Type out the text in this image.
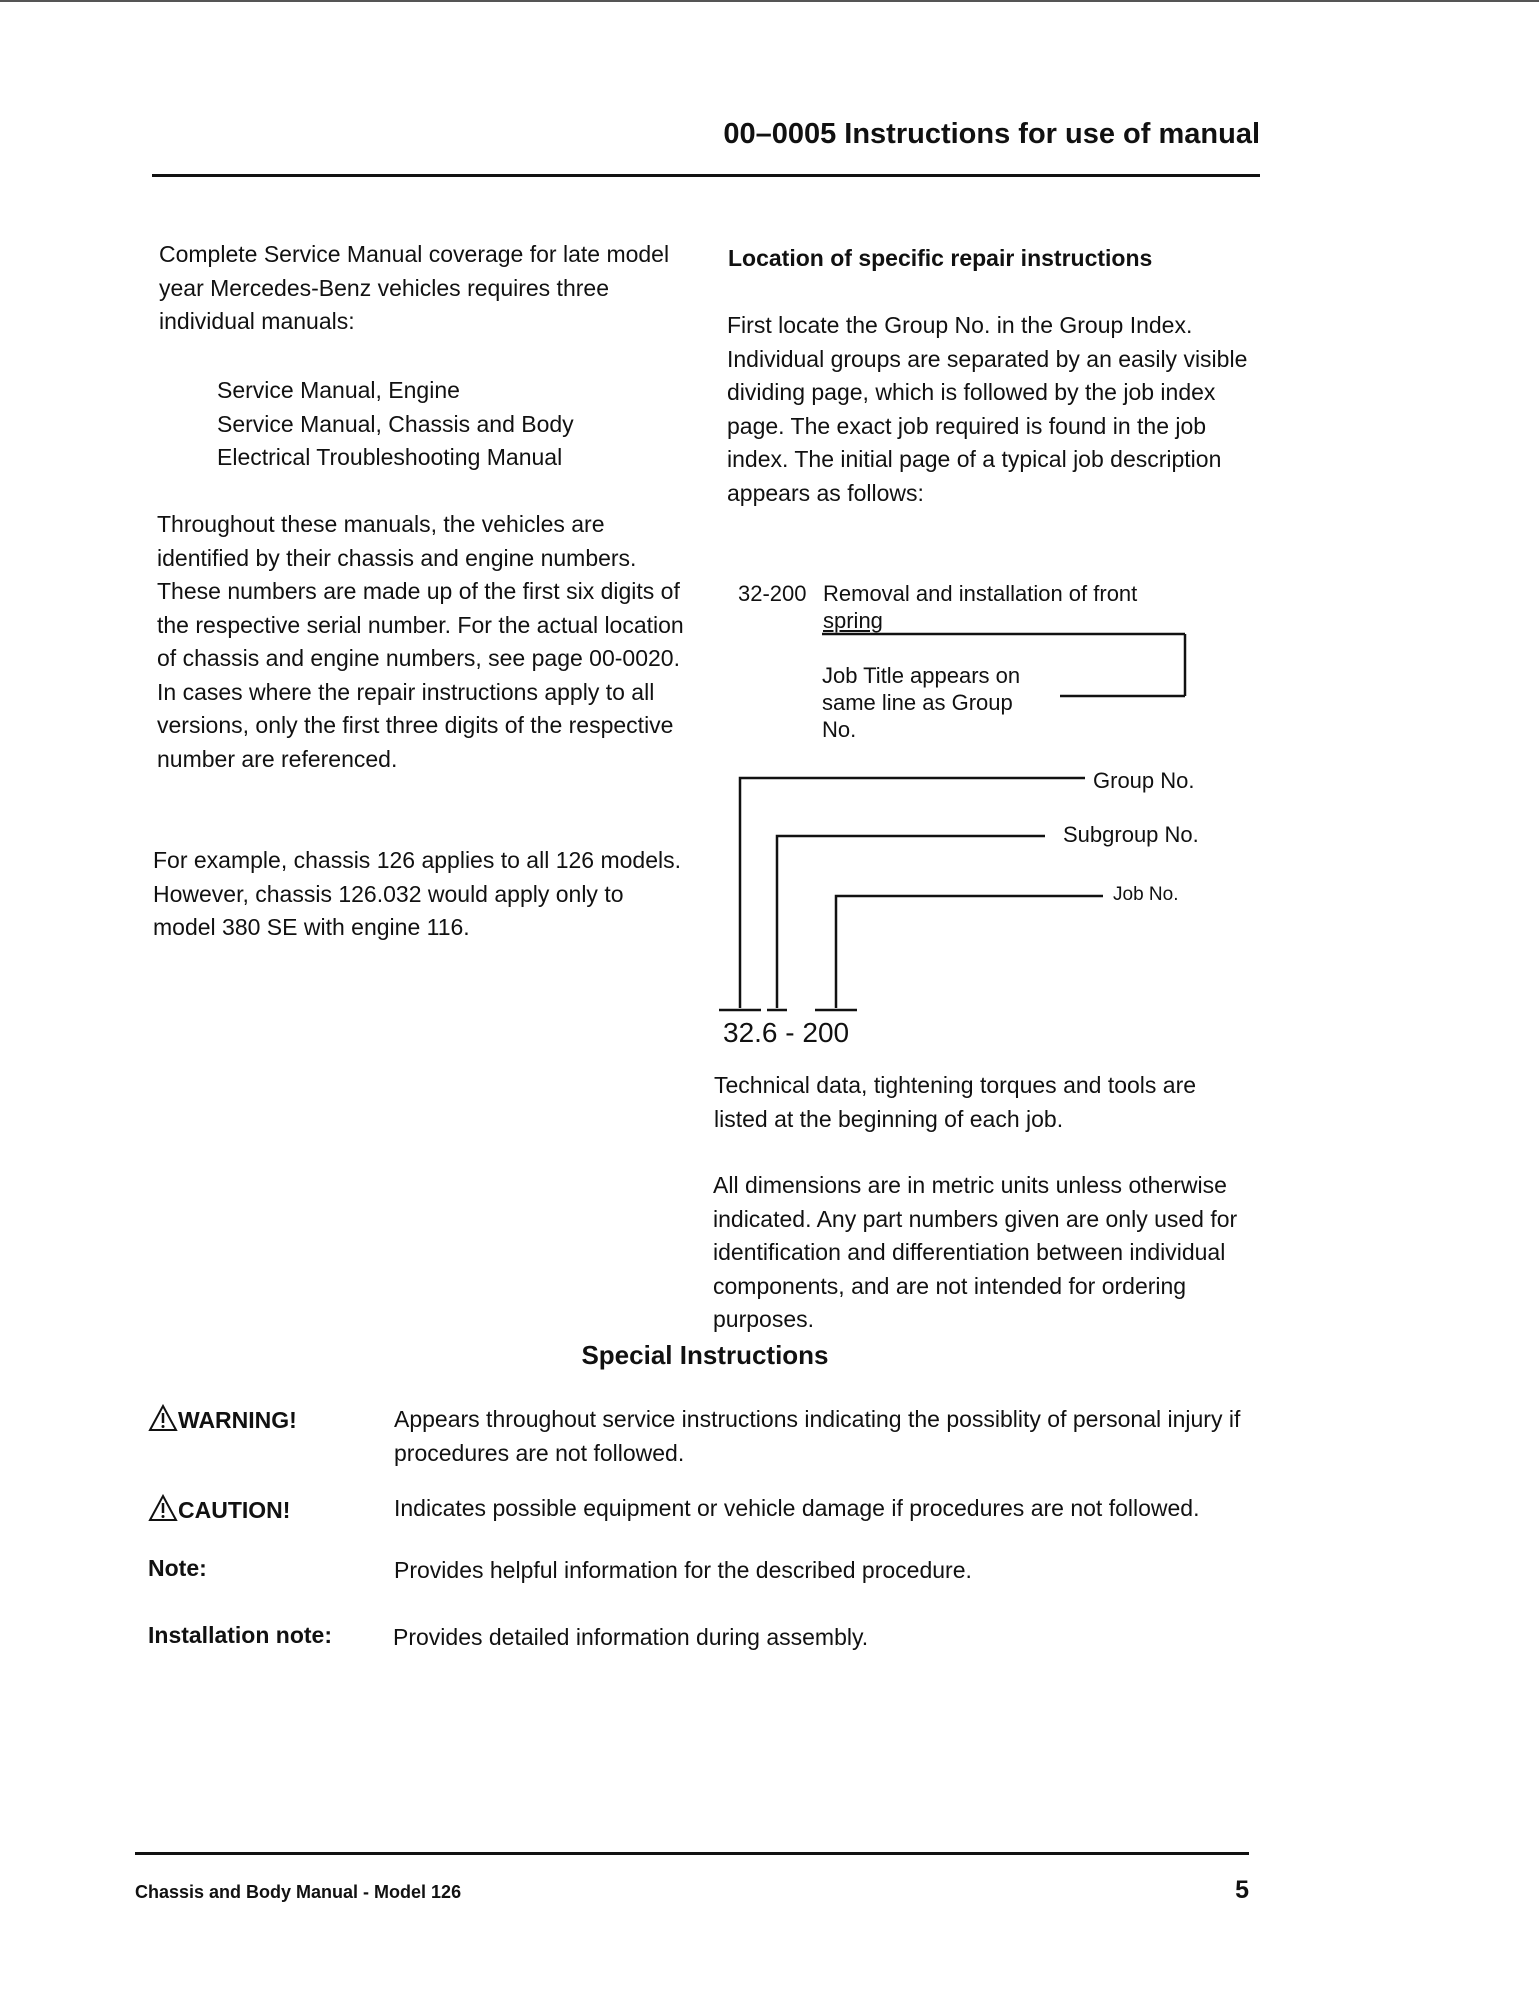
00–0005 Instructions for use of manual
Complete Service Manual coverage for late model year Mercedes-Benz vehicles requires three individual manuals:
Service Manual, Engine
Service Manual, Chassis and Body
Electrical Troubleshooting Manual
Throughout these manuals, the vehicles are identified by their chassis and engine numbers. These numbers are made up of the first six digits of the respective serial number. For the actual location of chassis and engine numbers, see page 00-0020. In cases where the repair instructions apply to all versions, only the first three digits of the respective number are referenced.
For example, chassis 126 applies to all 126 models. However, chassis 126.032 would apply only to model 380 SE with engine 116.
Location of specific repair instructions
First locate the Group No. in the Group Index. Individual groups are separated by an easily visible dividing page, which is followed by the job index page. The exact job required is found in the job index. The initial page of a typical job description appears as follows:
32-200 Removal and installation of front
spring
Job Title appears on same line as Group No.
Group No.
Subgroup No.
Job No.
32.6 - 200
Technical data, tightening torques and tools are listed at the beginning of each job.
All dimensions are in metric units unless otherwise indicated. Any part numbers given are only used for identification and differentiation between individual components, and are not intended for ordering purposes.
Special Instructions
WARNING!	Appears throughout service instructions indicating the possiblity of personal injury if procedures are not followed.
CAUTION!	Indicates possible equipment or vehicle damage if procedures are not followed.
Note:	Provides helpful information for the described procedure.
Installation note:	Provides detailed information during assembly.
Chassis and Body Manual - Model 126	5
